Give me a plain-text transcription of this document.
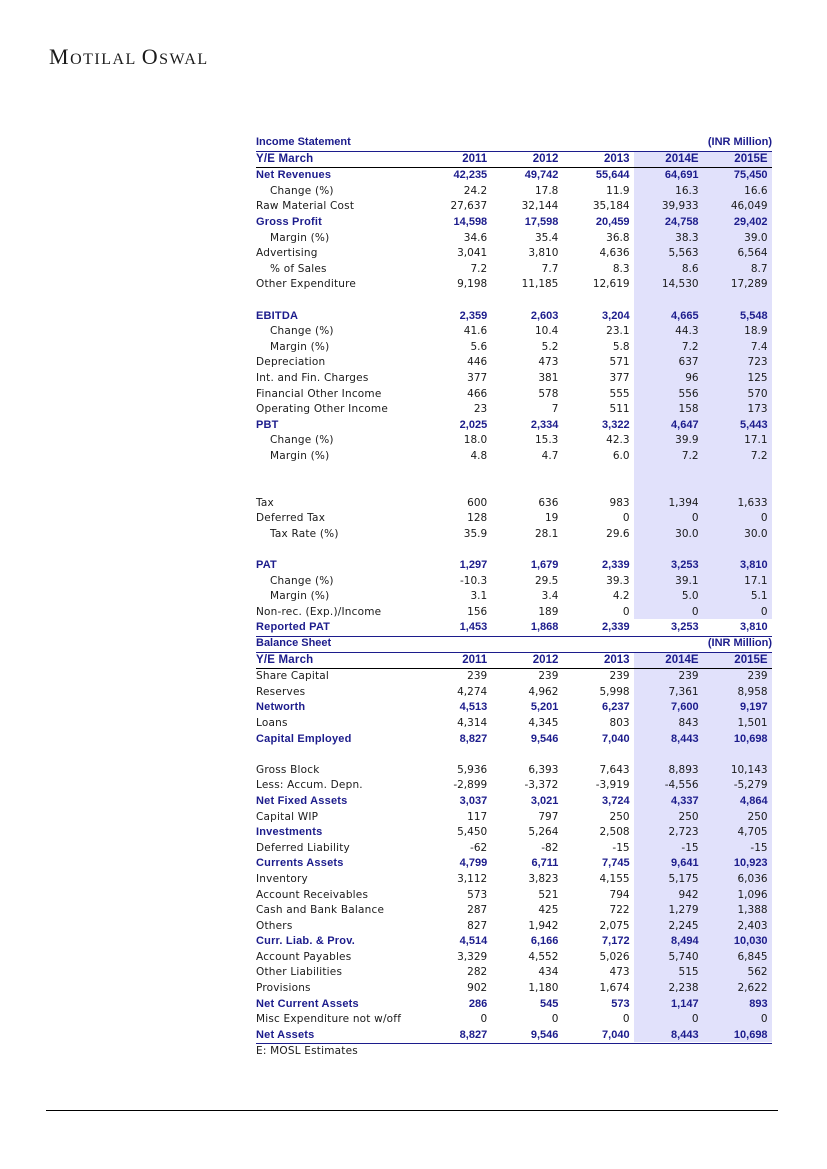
MOTILAL OSWAL
Income Statement	(INR Million)
Y/E March	2011	2012	2013	2014E	2015E
Net Revenues	42,235	49,742	55,644	64,691	75,450
Change (%)	24.2	17.8	11.9	16.3	16.6
Raw Material Cost	27,637	32,144	35,184	39,933	46,049
Gross Profit	14,598	17,598	20,459	24,758	29,402
Margin (%)	34.6	35.4	36.8	38.3	39.0
Advertising	3,041	3,810	4,636	5,563	6,564
% of Sales	7.2	7.7	8.3	8.6	8.7
Other Expenditure	9,198	11,185	12,619	14,530	17,289
EBITDA	2,359	2,603	3,204	4,665	5,548
Change (%)	41.6	10.4	23.1	44.3	18.9
Margin (%)	5.6	5.2	5.8	7.2	7.4
Depreciation	446	473	571	637	723
Int. and Fin. Charges	377	381	377	96	125
Financial Other Income	466	578	555	556	570
Operating Other Income	23	7	511	158	173
PBT	2,025	2,334	3,322	4,647	5,443
Change (%)	18.0	15.3	42.3	39.9	17.1
Margin (%)	4.8	4.7	6.0	7.2	7.2
Tax	600	636	983	1,394	1,633
Deferred Tax	128	19	0	0	0
Tax Rate (%)	35.9	28.1	29.6	30.0	30.0
PAT	1,297	1,679	2,339	3,253	3,810
Change (%)	-10.3	29.5	39.3	39.1	17.1
Margin (%)	3.1	3.4	4.2	5.0	5.1
Non-rec. (Exp.)/Income	156	189	0	0	0
Reported PAT	1,453	1,868	2,339	3,253	3,810
Balance Sheet	(INR Million)
Y/E March	2011	2012	2013	2014E	2015E
Share Capital	239	239	239	239	239
Reserves	4,274	4,962	5,998	7,361	8,958
Networth	4,513	5,201	6,237	7,600	9,197
Loans	4,314	4,345	803	843	1,501
Capital Employed	8,827	9,546	7,040	8,443	10,698
Gross Block	5,936	6,393	7,643	8,893	10,143
Less: Accum. Depn.	-2,899	-3,372	-3,919	-4,556	-5,279
Net Fixed Assets	3,037	3,021	3,724	4,337	4,864
Capital WIP	117	797	250	250	250
Investments	5,450	5,264	2,508	2,723	4,705
Deferred Liability	-62	-82	-15	-15	-15
Currents Assets	4,799	6,711	7,745	9,641	10,923
Inventory	3,112	3,823	4,155	5,175	6,036
Account Receivables	573	521	794	942	1,096
Cash and Bank Balance	287	425	722	1,279	1,388
Others	827	1,942	2,075	2,245	2,403
Curr. Liab. & Prov.	4,514	6,166	7,172	8,494	10,030
Account Payables	3,329	4,552	5,026	5,740	6,845
Other Liabilities	282	434	473	515	562
Provisions	902	1,180	1,674	2,238	2,622
Net Current Assets	286	545	573	1,147	893
Misc Expenditure not w/off	0	0	0	0	0
Net Assets	8,827	9,546	7,040	8,443	10,698
E: MOSL Estimates
